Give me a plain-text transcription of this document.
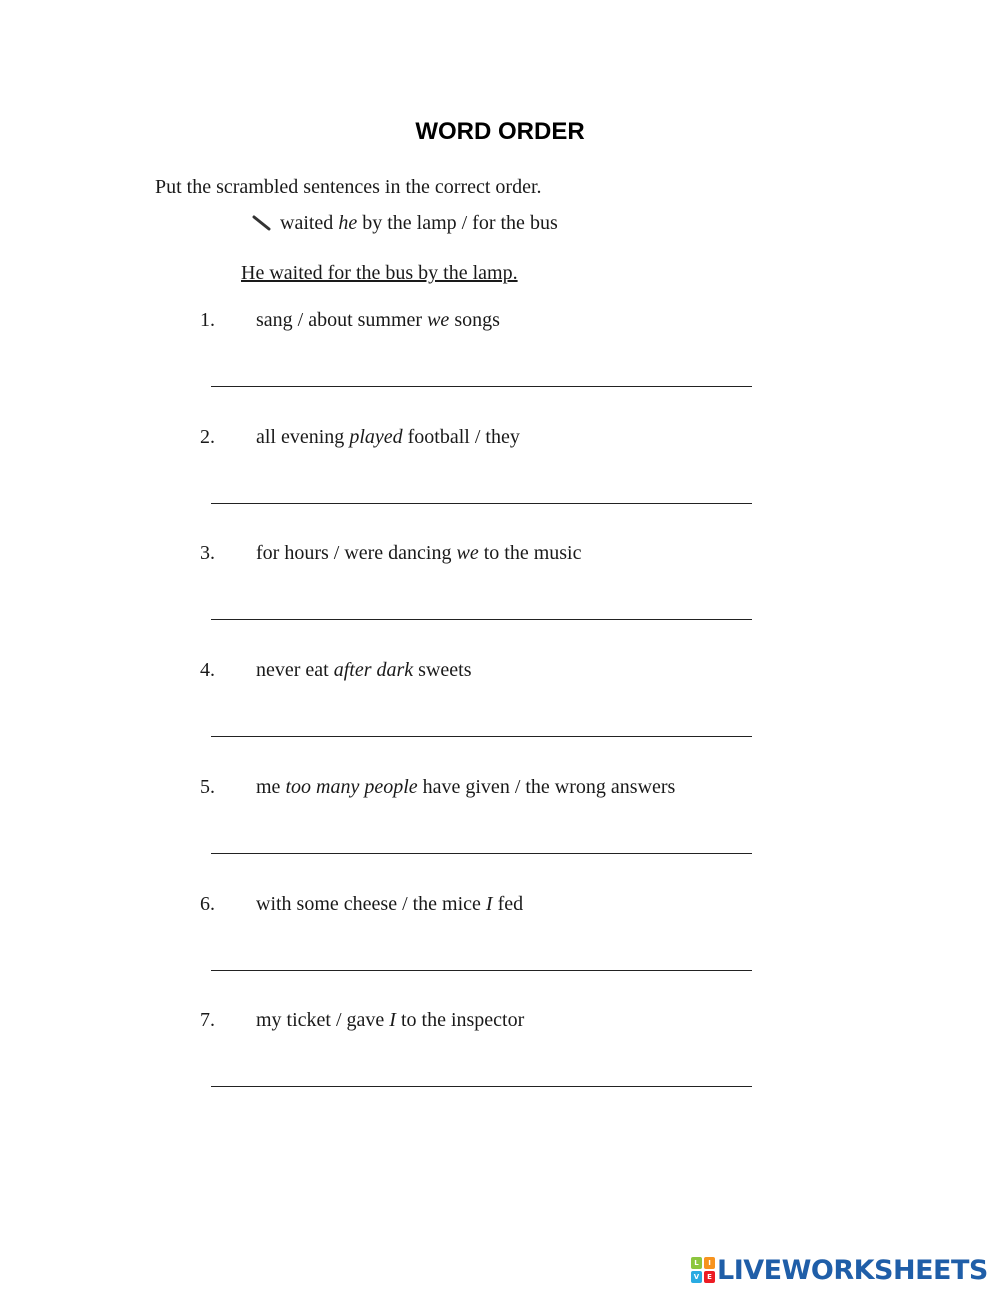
WORD ORDER
Put the scrambled sentences in the correct order.
waited he by the lamp / for the bus
He waited for the bus by the lamp.
1. sang / about summer we songs
2. all evening played football / they
3. for hours / were dancing we to the music
4. never eat after dark sweets
5. me too many people have given / the wrong answers
6. with some cheese / the mice I fed
7. my ticket / gave I to the inspector
L	I
V	E LIVEWORKSHEETS
